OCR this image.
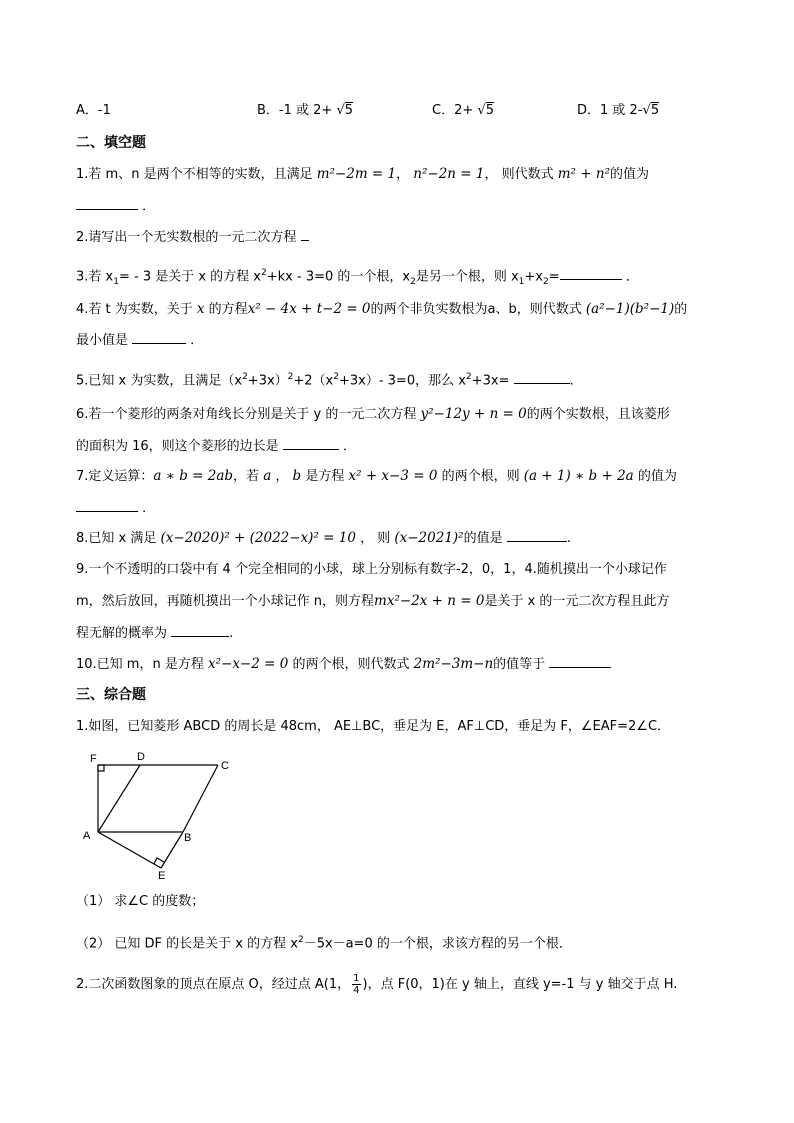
A．-1	B．-1 或 2+ √5	C．2+ √5	D．1 或 2-√5
二、填空题
1.若 m、n 是两个不相等的实数，且满足 m²−2m = 1， n²−2n = 1， 则代数式 m² + n²的值为
．
2.请写出一个无实数根的一元二次方程
3.若 $x_1= - 3$ 是关于 x 的方程 $x^2+kx - 3=0$ 的一个根，$x_2$是另一个根，则 $x_1+x_2=$	．
4.若 t 为实数，关于 x 的方程x² − 4x + t−2 = 0的两个非负实数根为a、b，则代数式 (a²−1)(b²−1)的
最小值是	．
5.已知 x 为实数，且满足$(x^2+3x)^2+2(x^2+3x)-$ 3=0，那么 $x^2+3x=$	.
6.若一个菱形的两条对角线长分别是关于 y 的一元二次方程 y²−12y + n = 0的两个实数根，且该菱形
的面积为 16，则这个菱形的边长是	．
7.定义运算：a ∗ b = 2ab，若 a ， b 是方程 x² + x−3 = 0 的两个根，则 (a + 1) ∗ b + 2a 的值为
．
8.已知 x 满足 (x−2020)² + (2022−x)² = 10 ， 则 (x−2021)²的值是	.
9.一个不透明的口袋中有 4 个完全相同的小球，球上分别标有数字-2，0，1，4.随机摸出一个小球记作
m，然后放回，再随机摸出一个小球记作 n，则方程mx²−2x + n = 0是关于 x 的一元二次方程且此方
程无解的概率为	.
10.已知 m，n 是方程 x²−x−2 = 0 的两个根，则代数式 2m²−3m−n的值等于
三、综合题
1.如图，已知菱形 ABCD 的周长是 48cm， AE⊥BC，垂足为 E，AF⊥CD，垂足为 F，∠EAF=2∠C．
F	D
C
A	B
E
（1） 求∠C 的度数；
（2） 已知 DF 的长是关于 x 的方程 $x^2-5x-a=0$ 的一个根，求该方程的另一个根．
2.二次函数图象的顶点在原点 O，经过点 A(1， $\frac{1}{4}$ )，点 F(0，1)在 y 轴上，直线 y=-1 与 y 轴交于点 H.
